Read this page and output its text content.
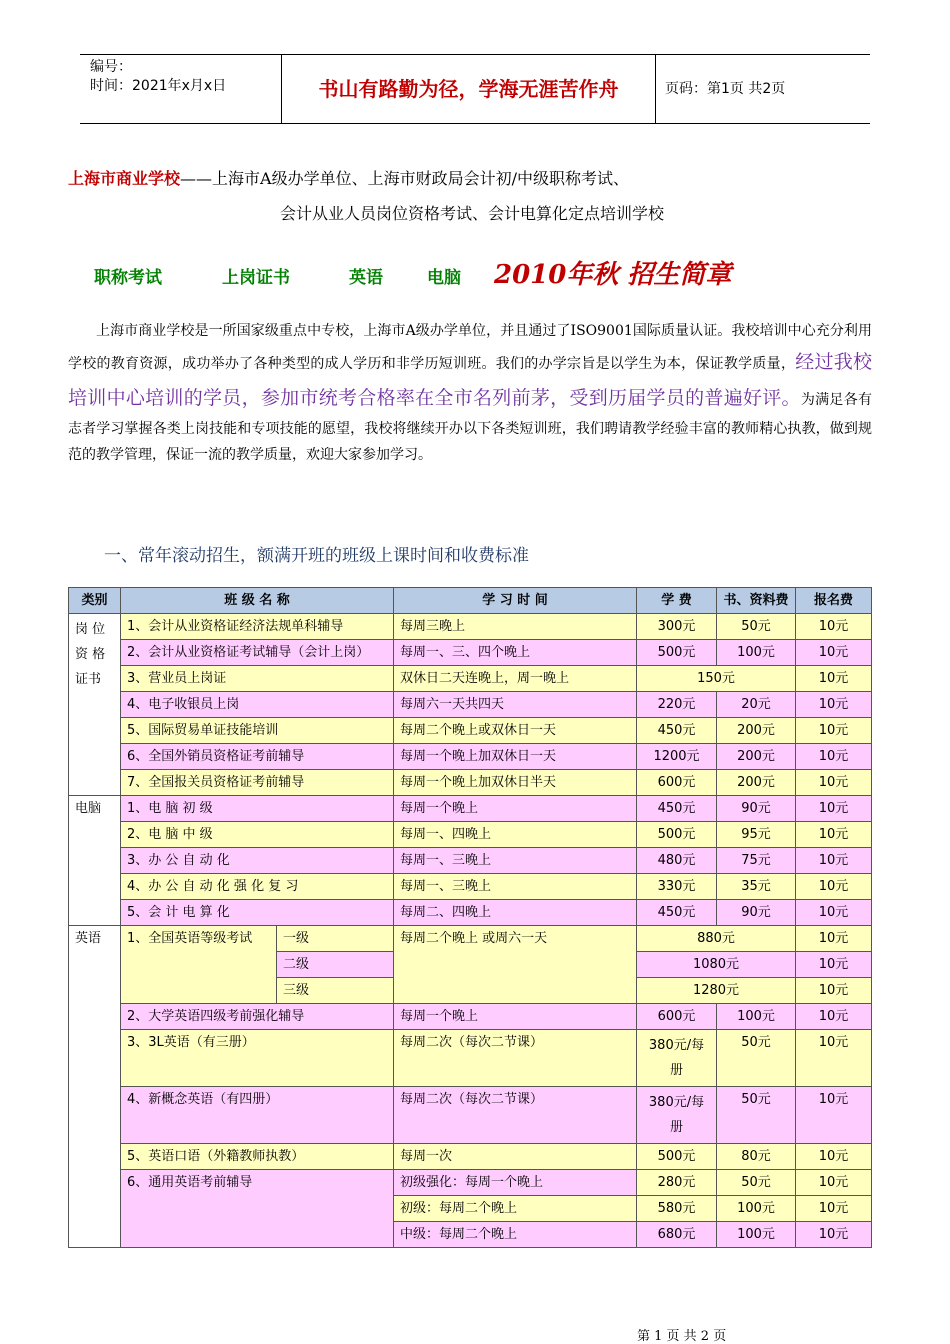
编号：
时间：2021年x月x日	书山有路勤为径，学海无涯苦作舟	页码：第1页 共2页
上海市商业学校——上海市A级办学单位、上海市财政局会计初/中级职称考试、
会计从业人员岗位资格考试、会计电算化定点培训学校
职称考试	上岗证书	英语	电脑 2010年秋 招生简章
上海市商业学校是一所国家级重点中专校，上海市A级办学单位，并且通过了ISO9001国际质量认证。我校培训中心充分利用学校的教育资源，成功举办了各种类型的成人学历和非学历短训班。我们的办学宗旨是以学生为本，保证教学质量，经过我校培训中心培训的学员，参加市统考合格率在全市名列前茅，受到历届学员的普遍好评。为满足各有志者学习掌握各类上岗技能和专项技能的愿望，我校将继续开办以下各类短训班，我们聘请教学经验丰富的教师精心执教，做到规范的教学管理，保证一流的教学质量，欢迎大家参加学习。
一、常年滚动招生，额满开班的班级上课时间和收费标准
类别	班 级 名 称		学 习 时 间	学 费	书、资料费	报名费

岗 位 资 格 证书	1、会计从业资格证经济法规单科辅导		每周三晚上	300元	50元	10元
	2、会计从业资格证考试辅导（会计上岗）		每周一、三、四个晚上	500元	100元	10元
	3、营业员上岗证		双休日二天连晚上，周一晚上	150元		10元
	4、电子收银员上岗		每周六一天共四天	220元	20元	10元
	5、国际贸易单证技能培训		每周二个晚上或双休日一天	450元	200元	10元
	6、全国外销员资格证考前辅导		每周一个晚上加双休日一天	1200元	200元	10元
	7、全国报关员资格证考前辅导		每周一个晚上加双休日半天	600元	200元	10元
电脑	1、电 脑 初 级		每周一个晚上	450元	90元	10元
	2、电 脑 中 级		每周一、四晚上	500元	95元	10元
	3、办 公 自 动 化		每周一、三晚上	480元	75元	10元
	4、办 公 自 动 化 强 化 复 习		每周一、三晚上	330元	35元	10元
	5、会 计 电 算 化		每周二、四晚上	450元	90元	10元
英语	1、全国英语等级考试	一级	每周二个晚上 或周六一天	880元		10元
		二级		1080元		10元
		三级		1280元		10元
	2、大学英语四级考前强化辅导		每周一个晚上	600元	100元	10元
	3、3L英语（有三册）		每周二次（每次二节课）	380元/每册	50元	10元
	4、新概念英语（有四册）		每周二次（每次二节课）	380元/每册	50元	10元
	5、英语口语（外籍教师执教）		每周一次	500元	80元	10元
	6、通用英语考前辅导		初级强化：每周一个晚上	280元	50元	10元
			初级：每周二个晚上	580元	100元	10元
			中级：每周二个晚上	680元	100元	10元
第 1 页 共 2 页
